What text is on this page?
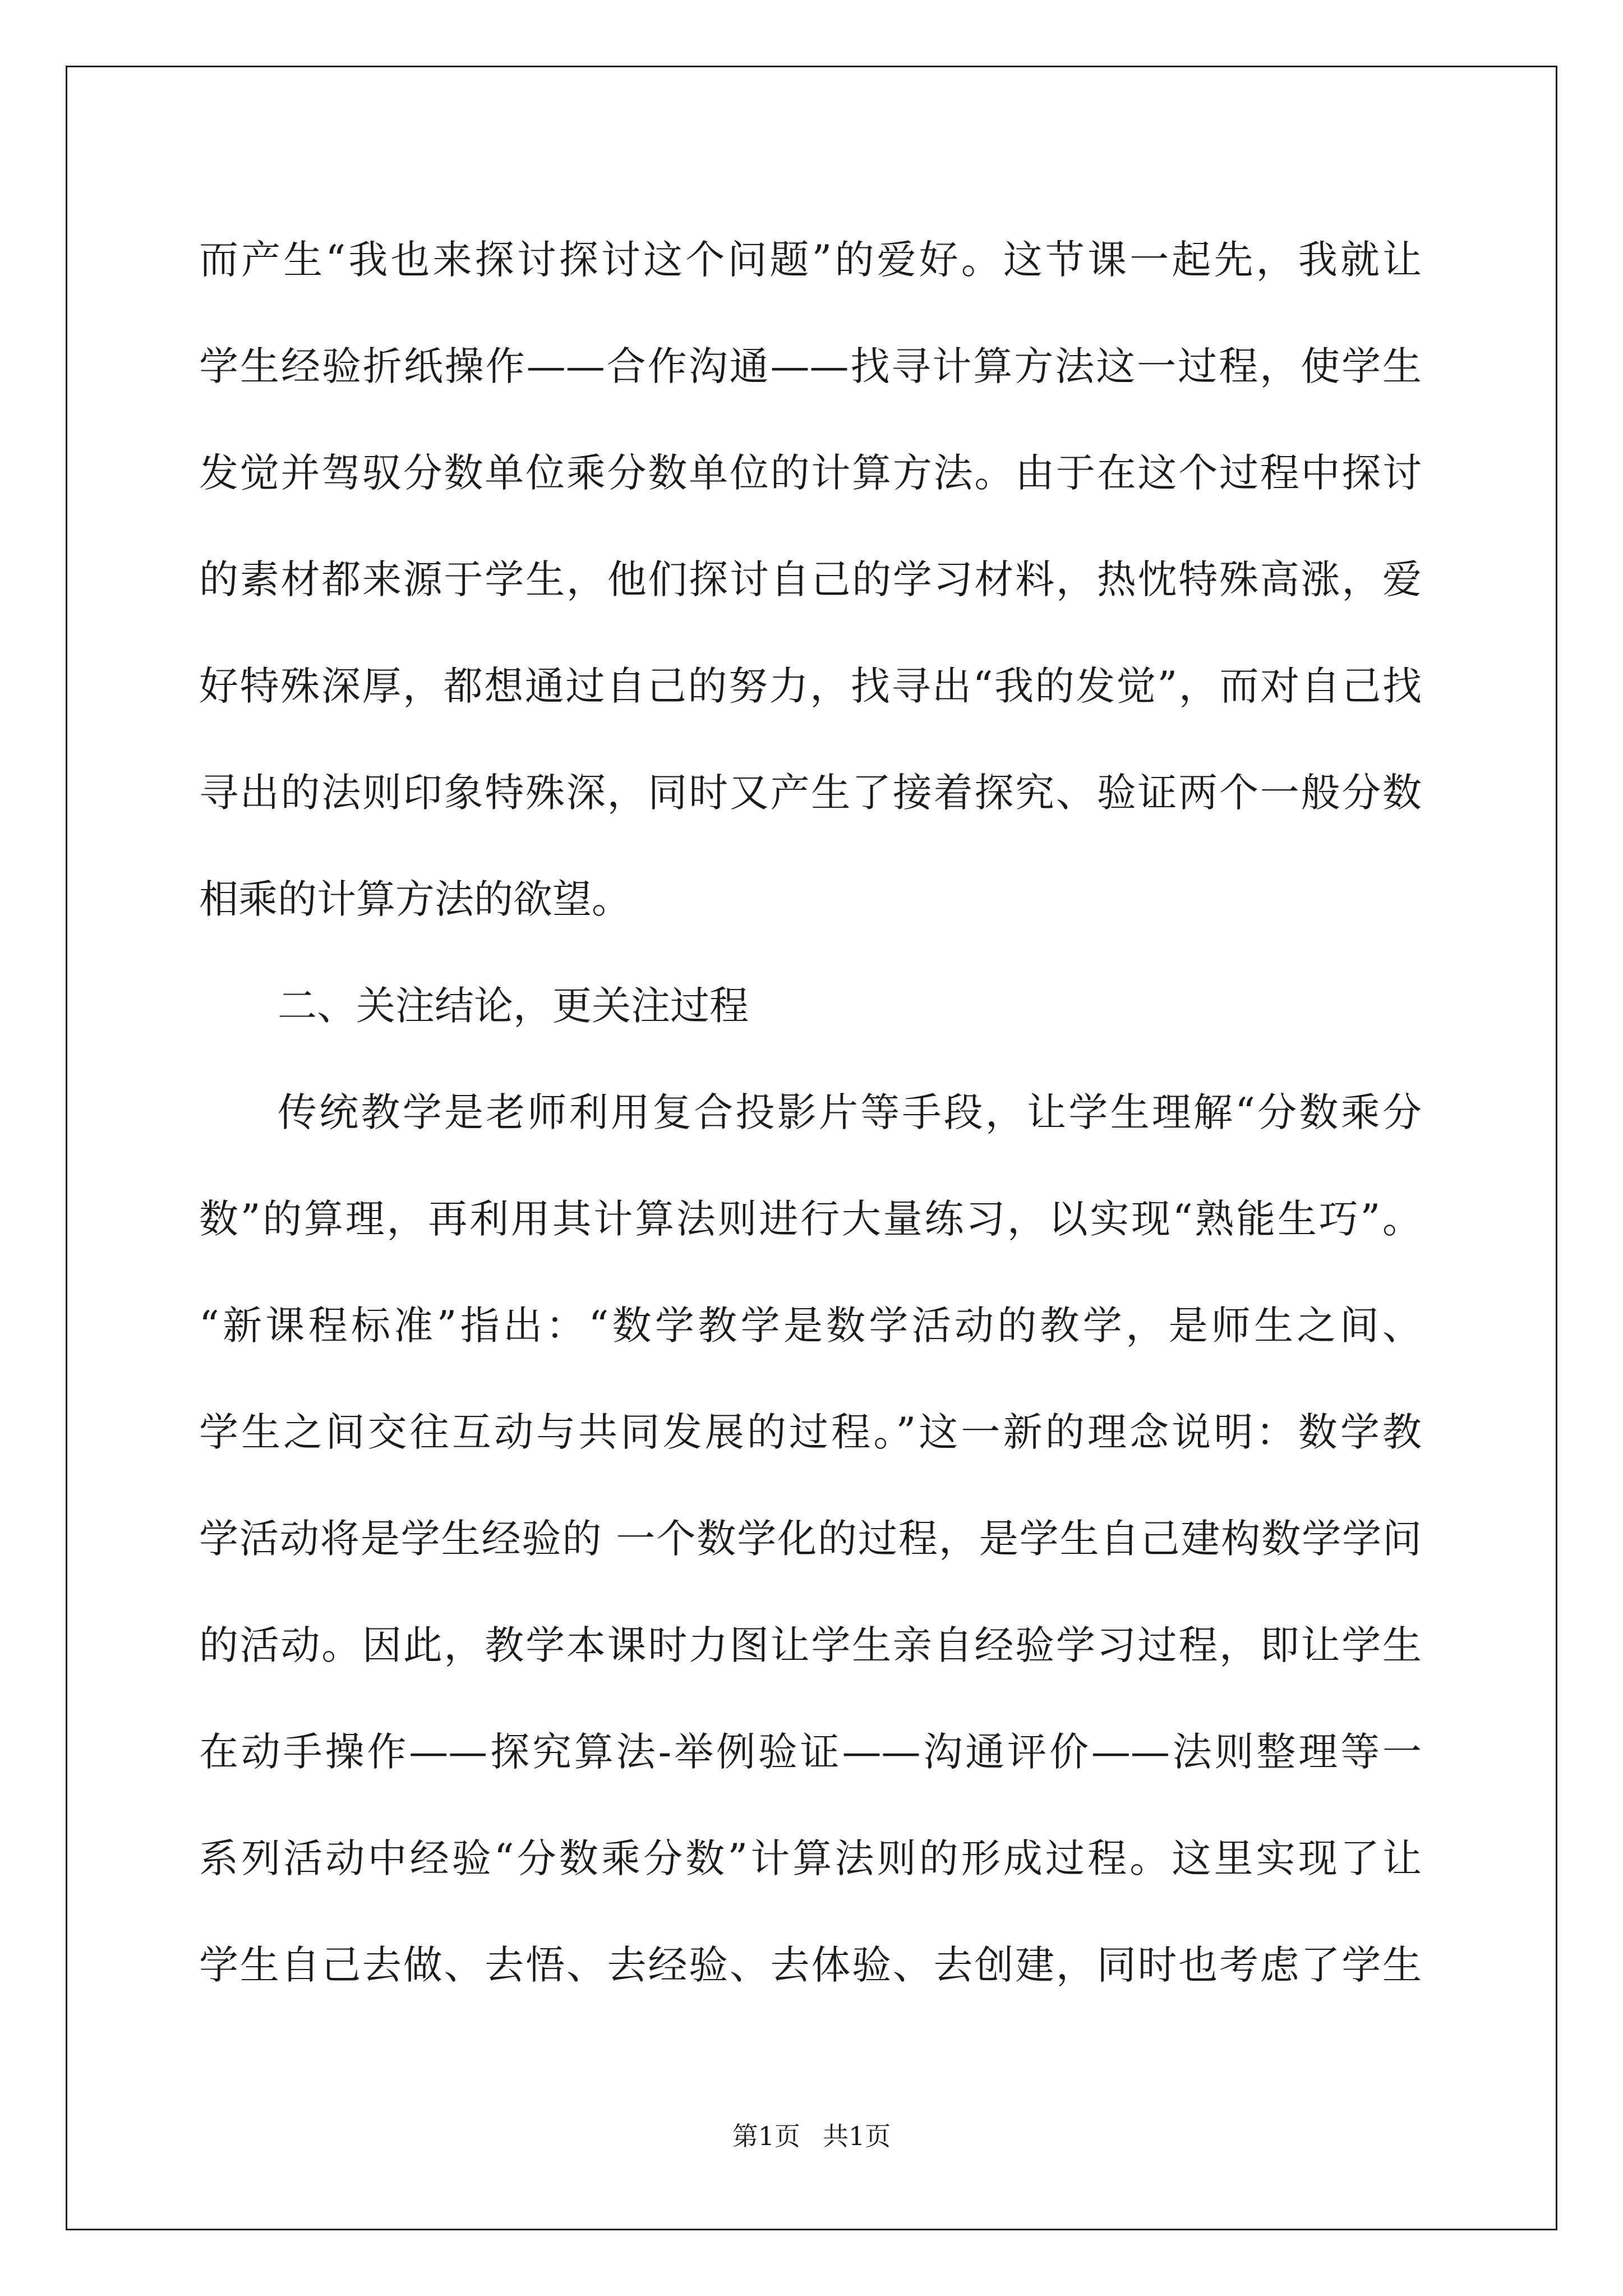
而产生“我也来探讨探讨这个问题”的爱好。这节课一起先，我就让
学生经验折纸操作——合作沟通——找寻计算方法这一过程，使学生
发觉并驾驭分数单位乘分数单位的计算方法。由于在这个过程中探讨
的素材都来源于学生，他们探讨自己的学习材料，热忱特殊高涨，爱
好特殊深厚，都想通过自己的努力，找寻出“我的发觉”，而对自己找
寻出的法则印象特殊深，同时又产生了接着探究、验证两个一般分数
相乘的计算方法的欲望。
二、关注结论，更关注过程
传统教学是老师利用复合投影片等手段，让学生理解“分数乘分
数”的算理，再利用其计算法则进行大量练习，以实现“熟能生巧”。
“新课程标准”指出：“数学教学是数学活动的教学，是师生之间、
学生之间交往互动与共同发展的过程。”这一新的理念说明：数学教
学活动将是学生经验的 一个数学化的过程，是学生自己建构数学学问
的活动。因此，教学本课时力图让学生亲自经验学习过程，即让学生
在动手操作——探究算法-举例验证——沟通评价——法则整理等一
系列活动中经验“分数乘分数”计算法则的形成过程。这里实现了让
学生自己去做、去悟、去经验、去体验、去创建，同时也考虑了学生
第1页 共1页
